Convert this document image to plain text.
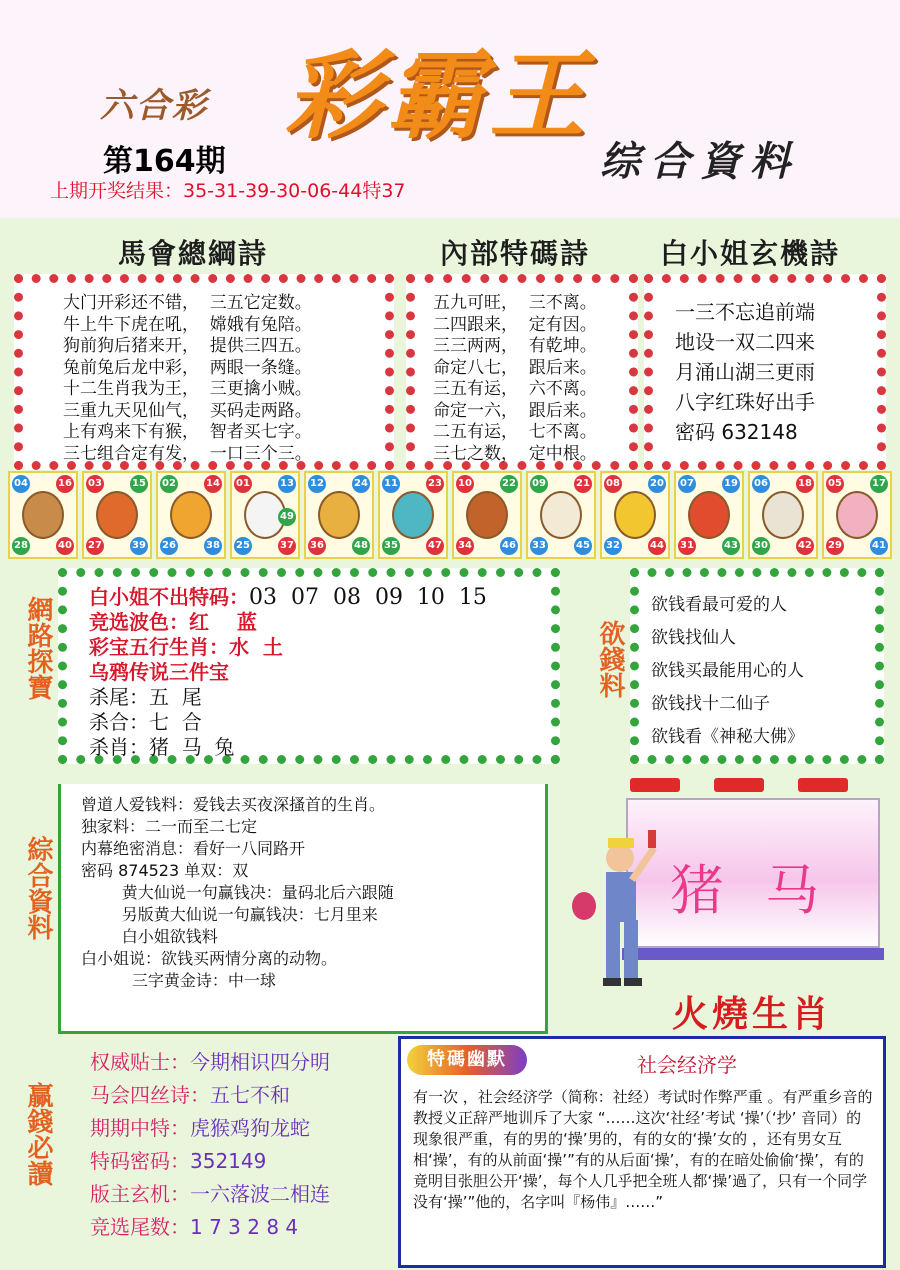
六合彩 彩霸王
第164期
上期开奖结果：35-31-39-30-06-44特37
综合資料
馬會總綱詩	內部特碼詩 白小姐玄機詩
大门开彩还不错，  三五它定数。
牛上牛下虎在吼，  嫦娥有兔陪。
狗前狗后猪来开，  提供三四五。
兔前兔后龙中彩，  两眼一条缝。
十二生肖我为王，  三更擒小贼。
三重九天见仙气，  买码走两路。
上有鸡来下有猴，  智者买七字。
三七组合定有发，  一口三个三。
五九可旺，  三不离。
二四跟来，  定有因。
三三两两，  有乾坤。
命定八七，  跟后来。
三五有运，  六不离。
命定一六，  跟后来。
二五有运，  七不离。
三七之数，  定中根。
一三不忘追前端
地设一双二四来
月涌山湖三更雨
八字红珠好出手
密码 632148
04	16
28	40
03	15
27	39
02	14
26	38
01	13
25	37
49
12	24
36	48
11	23
35	47
10	22
34	46
09	21
33	45
08	20
32	44
07	19
31	43
06	18
30	42
05	17
29	41
網路探寶 白小姐不出特码：03  07  08  09  10  15
竞选波色：红    蓝
彩宝五行生肖：水  土
乌鸦传说三件宝
杀尾：五  尾
杀合：七  合
杀肖：猪  马  兔
欲錢料
欲钱看最可爱的人
欲钱找仙人
欲钱买最能用心的人
欲钱找十二仙子
欲钱看《神秘大佛》
綜合資料
曾道人爱钱料：爱钱去买夜深搔首的生肖。
独家料：二一而至二七定
内幕绝密消息：看好一八同路开
密码 874523 单双：双
黄大仙说一句赢钱决：量码北后六跟随
另版黄大仙说一句赢钱决：七月里来
白小姐欲钱料
白小姐说：欲钱买两情分离的动物。
三字黄金诗：中一球
猪 马
火燒生肖
赢錢必讀
权威贴士：今期相识四分明
马会四丝诗：五七不和
期期中特：虎猴鸡狗龙蛇
特码密码：352149
版主玄机：一六落波二相连
竞选尾数：1 7 3 2 8 4
特碼幽默	社会经济学
有一次 ，社会经济学（简称：社经）考试时作弊严重 。有严重乡音的教授义正辞严地训斥了大家 “……这次‘社经’考试 ‘操’（‘抄’ 音同）的现象很严重，有的男的‘操’男的，有的女的‘操’女的 ，还有男女互相‘操’，有的从前面‘操’”有的从后面‘操’，有的在暗处偷偷‘操’，有的竟明目张胆公开‘操’，每个人几乎把全班人都‘操’過了，只有一个同学没有‘操’”他的，名字叫『杨伟』……”
